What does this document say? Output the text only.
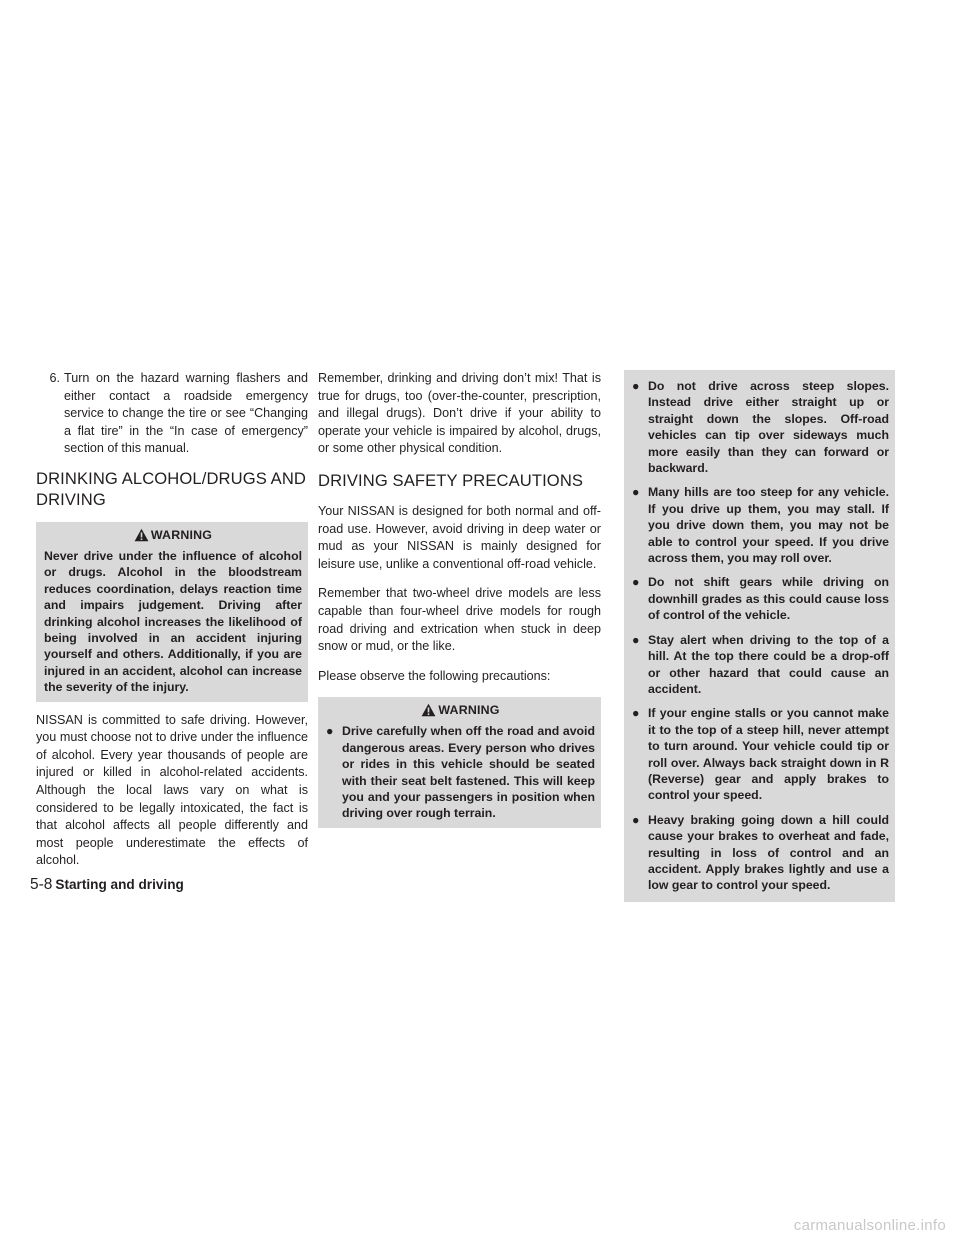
6. Turn on the hazard warning flashers and either contact a roadside emergency service to change the tire or see “Changing a flat tire” in the “In case of emergency” section of this manual.
DRINKING ALCOHOL/DRUGS AND DRIVING
WARNING

Never drive under the influence of alcohol or drugs. Alcohol in the bloodstream reduces coordination, delays reaction time and impairs judgement. Driving after drinking alcohol increases the likelihood of being involved in an accident injuring yourself and others. Additionally, if you are injured in an accident, alcohol can increase the severity of the injury.

NISSAN is committed to safe driving. However, you must choose not to drive under the influence of alcohol. Every year thousands of people are injured or killed in alcohol-related accidents. Although the local laws vary on what is considered to be legally intoxicated, the fact is that alcohol affects all people differently and most people underestimate the effects of alcohol.

Remember, drinking and driving don’t mix! That is true for drugs, too (over-the-counter, prescription, and illegal drugs). Don’t drive if your ability to operate your vehicle is impaired by alcohol, drugs, or some other physical condition.

DRIVING SAFETY PRECAUTIONS

Your NISSAN is designed for both normal and off-road use. However, avoid driving in deep water or mud as your NISSAN is mainly designed for leisure use, unlike a conventional off-road vehicle.

Remember that two-wheel drive models are less capable than four-wheel drive models for rough road driving and extrication when stuck in deep snow or mud, or the like.

Please observe the following precautions:

WARNING
● Drive carefully when off the road and avoid dangerous areas. Every person who drives or rides in this vehicle should be seated with their seat belt fastened. This will keep you and your passengers in position when driving over rough terrain.
● Do not drive across steep slopes. Instead drive either straight up or straight down the slopes. Off-road vehicles can tip over sideways much more easily than they can forward or backward.
● Many hills are too steep for any vehicle. If you drive up them, you may stall. If you drive down them, you may not be able to control your speed. If you drive across them, you may roll over.
● Do not shift gears while driving on downhill grades as this could cause loss of control of the vehicle.
● Stay alert when driving to the top of a hill. At the top there could be a drop-off or other hazard that could cause an accident.
● If your engine stalls or you cannot make it to the top of a steep hill, never attempt to turn around. Your vehicle could tip or roll over. Always back straight down in R (Reverse) gear and apply brakes to control your speed.
● Heavy braking going down a hill could cause your brakes to overheat and fade, resulting in loss of control and an accident. Apply brakes lightly and use a low gear to control your speed.
5-8 Starting and driving
carmanualsonline.info
